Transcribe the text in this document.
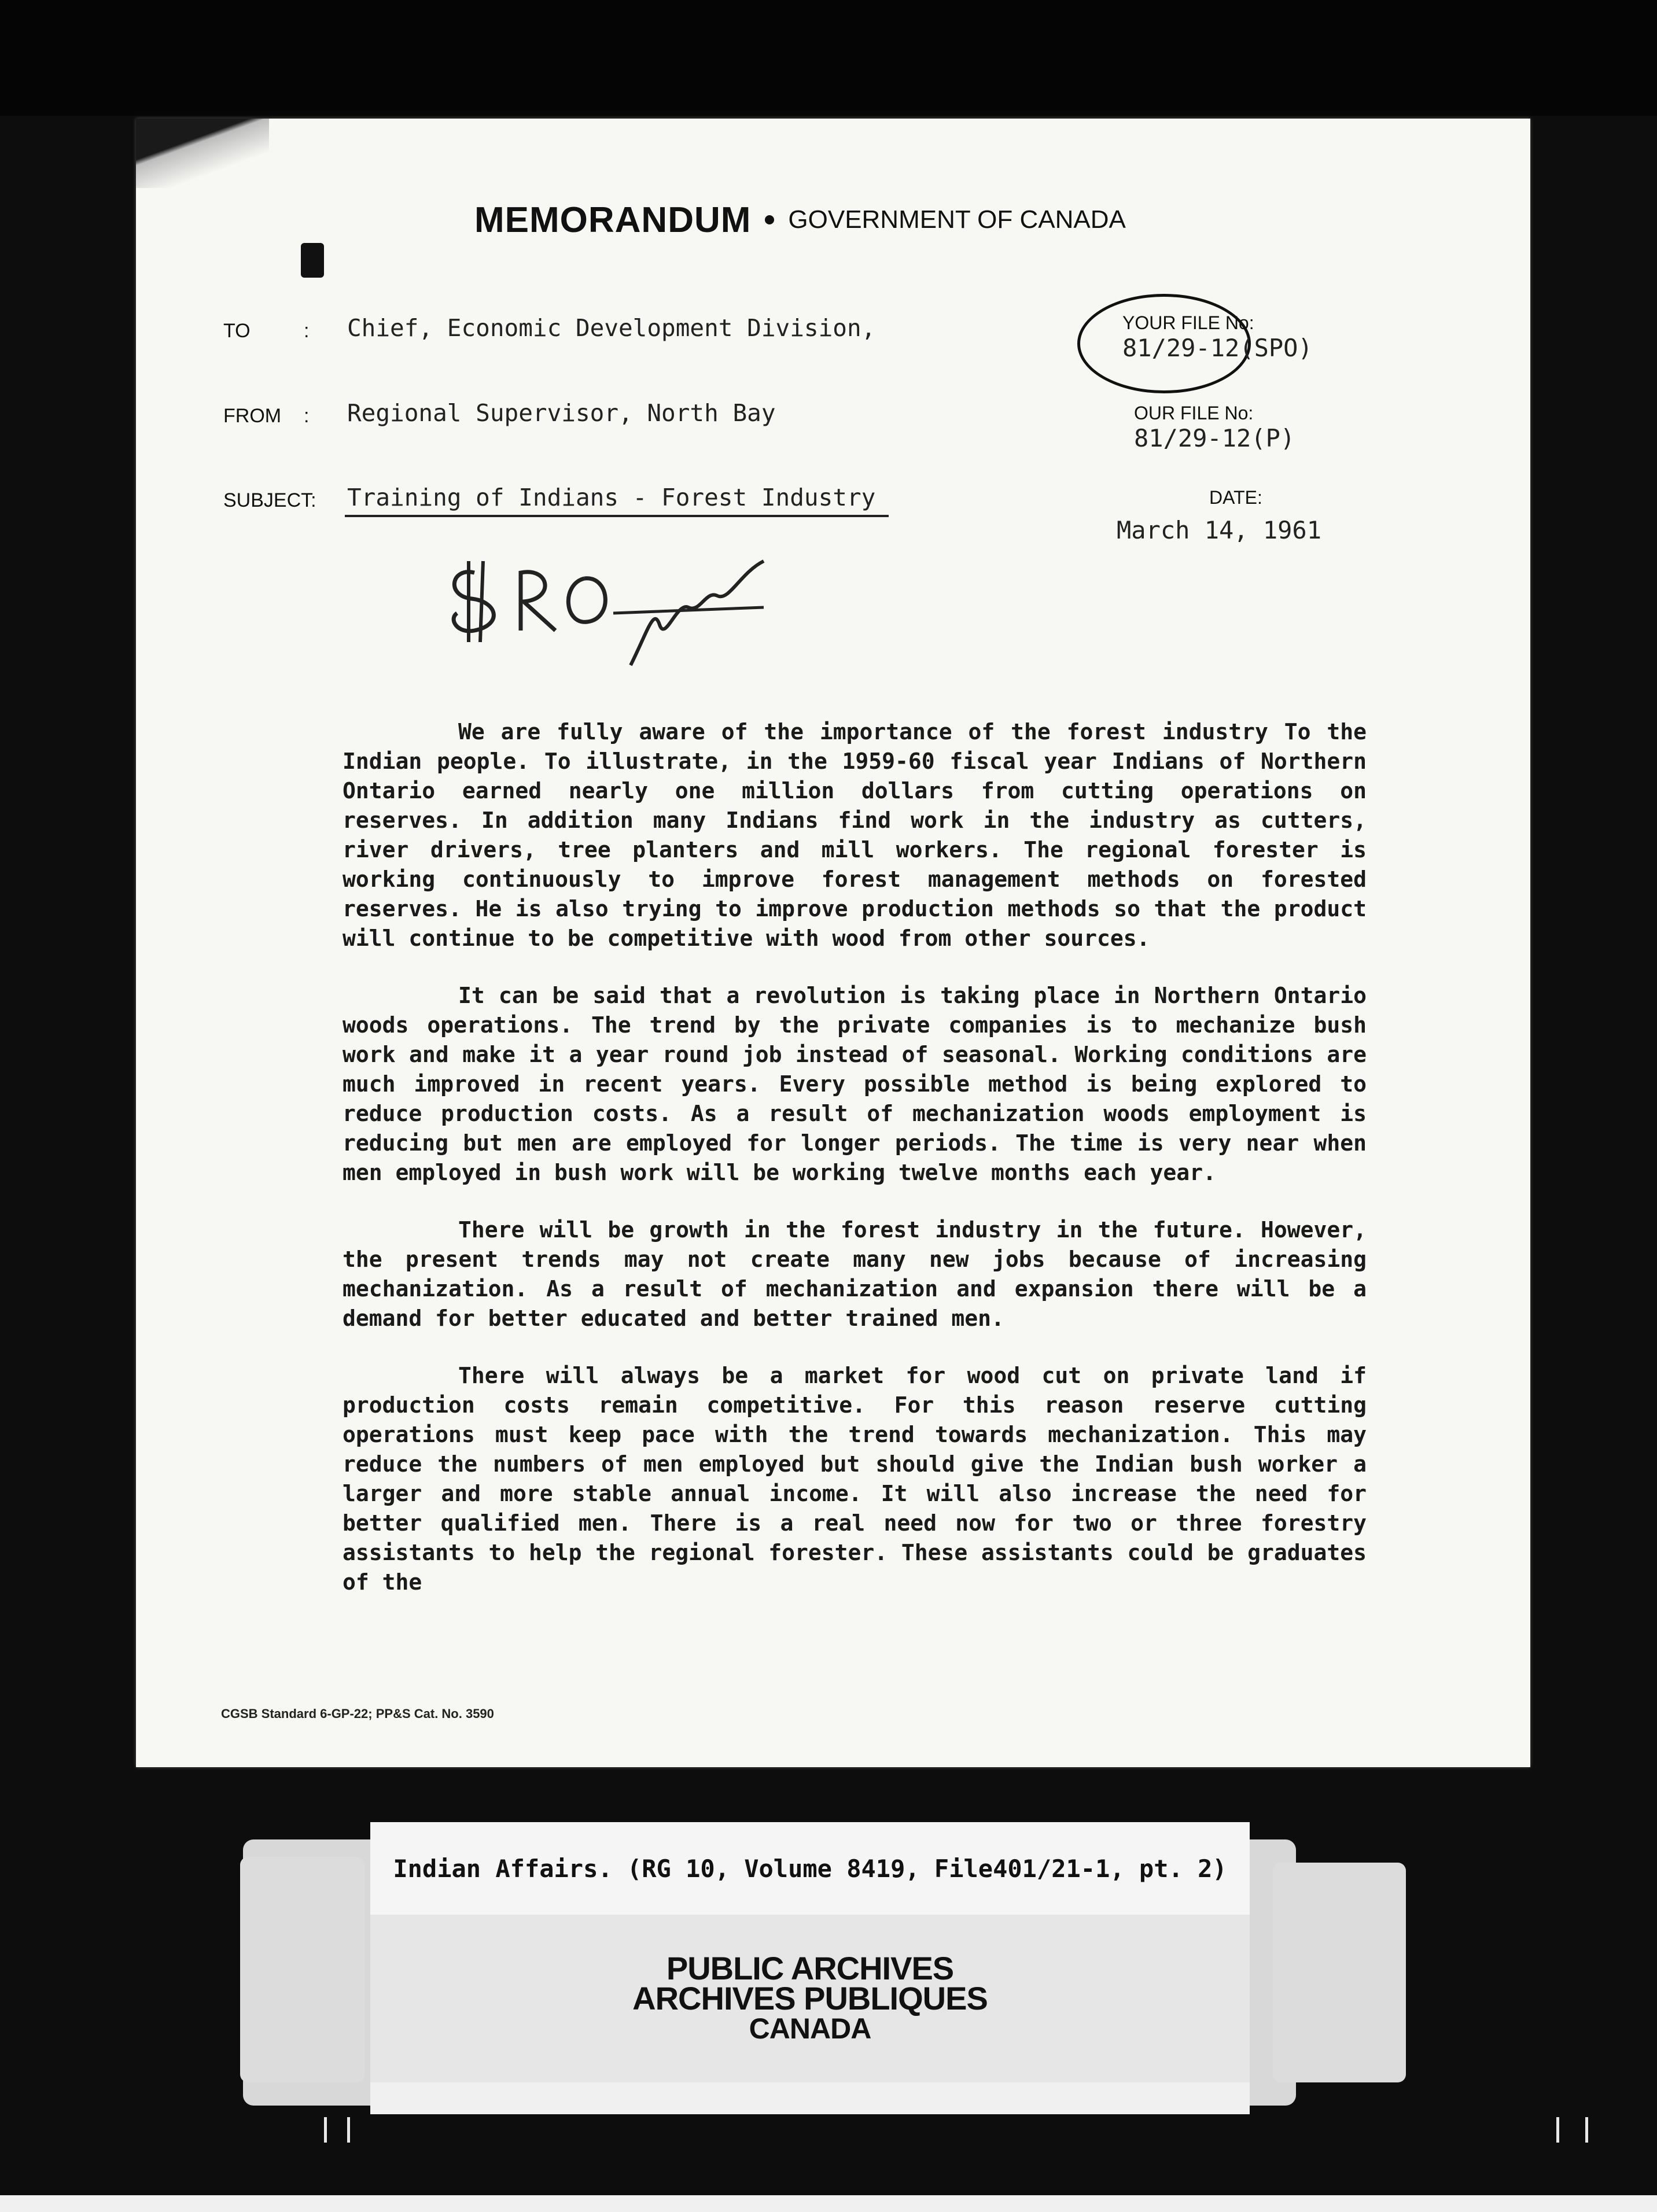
MEMORANDUM GOVERNMENT OF CANADA
TO	: Chief, Economic Development Division,
FROM : Regional Supervisor, North Bay
SUBJECT: Training of Indians - Forest Industry
YOUR FILE No:
81/29-12(SPO)
OUR FILE No:
81/29-12(P)
DATE:
March 14, 1961

We are fully aware of the importance of the forest industry To the Indian people. To illustrate, in the 1959-60 fiscal year Indians of Northern Ontario earned nearly one million dollars from cutting operations on reserves. In addition many Indians find work in the industry as cutters, river drivers, tree planters and mill workers. The regional forester is working continuously to improve forest management methods on forested reserves. He is also trying to improve production methods so that the product will continue to be competitive with wood from other sources.

It can be said that a revolution is taking place in Northern Ontario woods operations. The trend by the private companies is to mechanize bush work and make it a year round job instead of seasonal. Working conditions are much improved in recent years. Every possible method is being explored to reduce production costs. As a result of mechanization woods employment is reducing but men are employed for longer periods. The time is very near when men employed in bush work will be working twelve months each year.

There will be growth in the forest industry in the future. However, the present trends may not create many new jobs because of increasing mechanization. As a result of mechanization and expansion there will be a demand for better educated and better trained men.

There will always be a market for wood cut on private land if production costs remain competitive. For this reason reserve cutting operations must keep pace with the trend towards mechanization. This may reduce the numbers of men employed but should give the Indian bush worker a larger and more stable annual income. It will also increase the need for better qualified men. There is a real need now for two or three forestry assistants to help the regional forester. These assistants could be graduates of the

CGSB Standard 6-GP-22; PP&S Cat. No. 3590
Indian Affairs. (RG 10, Volume 8419, File401/21-1, pt. 2)
PUBLIC ARCHIVES
ARCHIVES PUBLIQUES
CANADA
